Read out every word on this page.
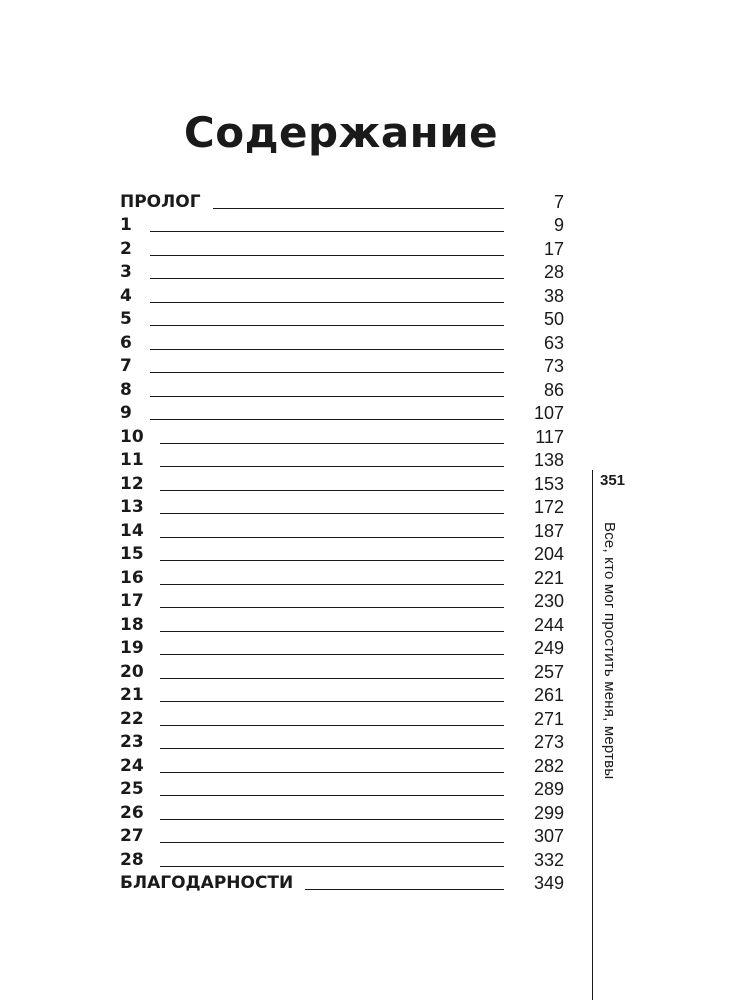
Содержание
ПРОЛОГ	7
1	9
2	17
3	28
4	38
5	50
6	63
7	73
8	86
9	107
10	117
11	138
12	153
13	172
14	187
15	204
16	221
17	230
18	244
19	249
20	257
21	261
22	271
23	273
24	282
25	289
26	299
27	307
28	332
БЛАГОДАРНОСТИ	349
351
Все, кто мог простить меня, мертвы
